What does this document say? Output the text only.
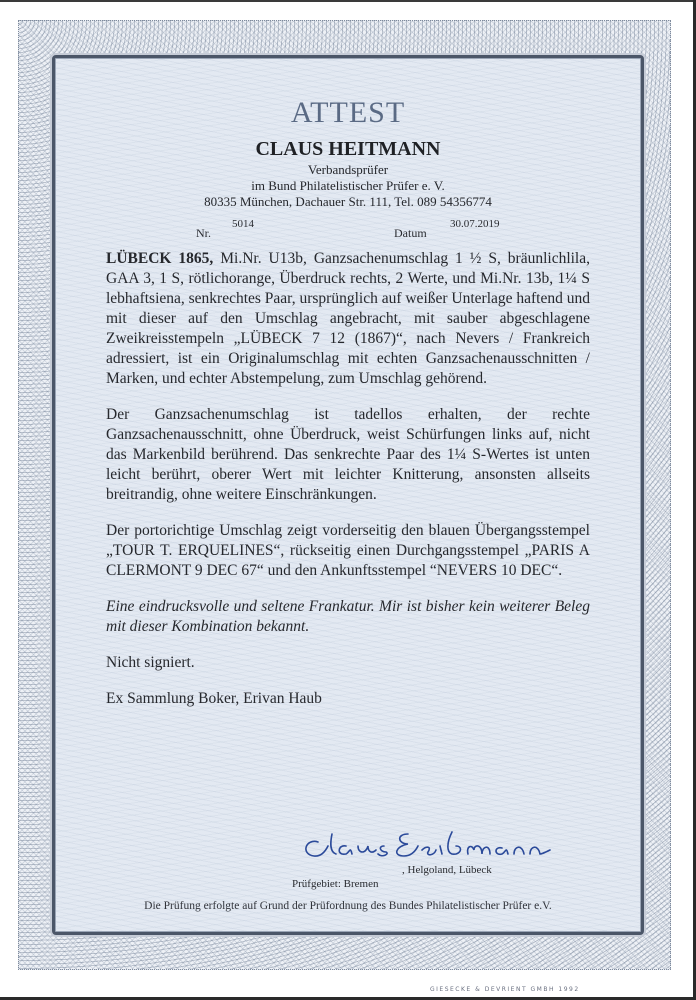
ATTEST
CLAUS HEITMANN
Verbandsprüfer
im Bund Philatelistischer Prüfer e. V.
80335 München, Dachauer Str. 111, Tel. 089 54356774
Nr.
5014
Datum
30.07.2019

LÜBECK 1865, Mi.Nr. U13b, Ganzsachenumschlag 1 ½ S, bräunlichlila, GAA 3, 1 S, rötlichorange, Überdruck rechts, 2 Werte, und Mi.Nr. 13b, 1¼ S lebhaftsiena, senkrechtes Paar, ursprünglich auf weißer Unterlage haftend und mit dieser auf den Umschlag angebracht, mit sauber abgeschlagene Zweikreisstempeln „LÜBECK 7 12 (1867)“, nach Nevers / Frankreich adressiert, ist ein Originalumschlag mit echten Ganzsachenausschnitten / Marken, und echter Abstempelung, zum Umschlag gehörend.

Der Ganzsachenumschlag ist tadellos erhalten, der rechte Ganzsachenausschnitt, ohne Überdruck, weist Schürfungen links auf, nicht das Markenbild berührend. Das senkrechte Paar des 1¼ S-Wertes ist unten leicht berührt, oberer Wert mit leichter Knitterung, ansonsten allseits breitrandig, ohne weitere Einschränkungen.

Der portorichtige Umschlag zeigt vorderseitig den blauen Übergangsstempel „TOUR T. ERQUELINES“, rückseitig einen Durchgangsstempel „PARIS A CLERMONT 9 DEC 67“ und den Ankunftsstempel “NEVERS 10 DEC“.

Eine eindrucksvolle und seltene Frankatur. Mir ist bisher kein weiterer Beleg mit dieser Kombination bekannt.

Nicht signiert.

Ex Sammlung Boker, Erivan Haub

, Helgoland, Lübeck
Prüfgebiet: Bremen
Die Prüfung erfolgte auf Grund der Prüfordnung des Bundes Philatelistischer Prüfer e.V.
GIESECKE & DEVRIENT GMBH 1992
